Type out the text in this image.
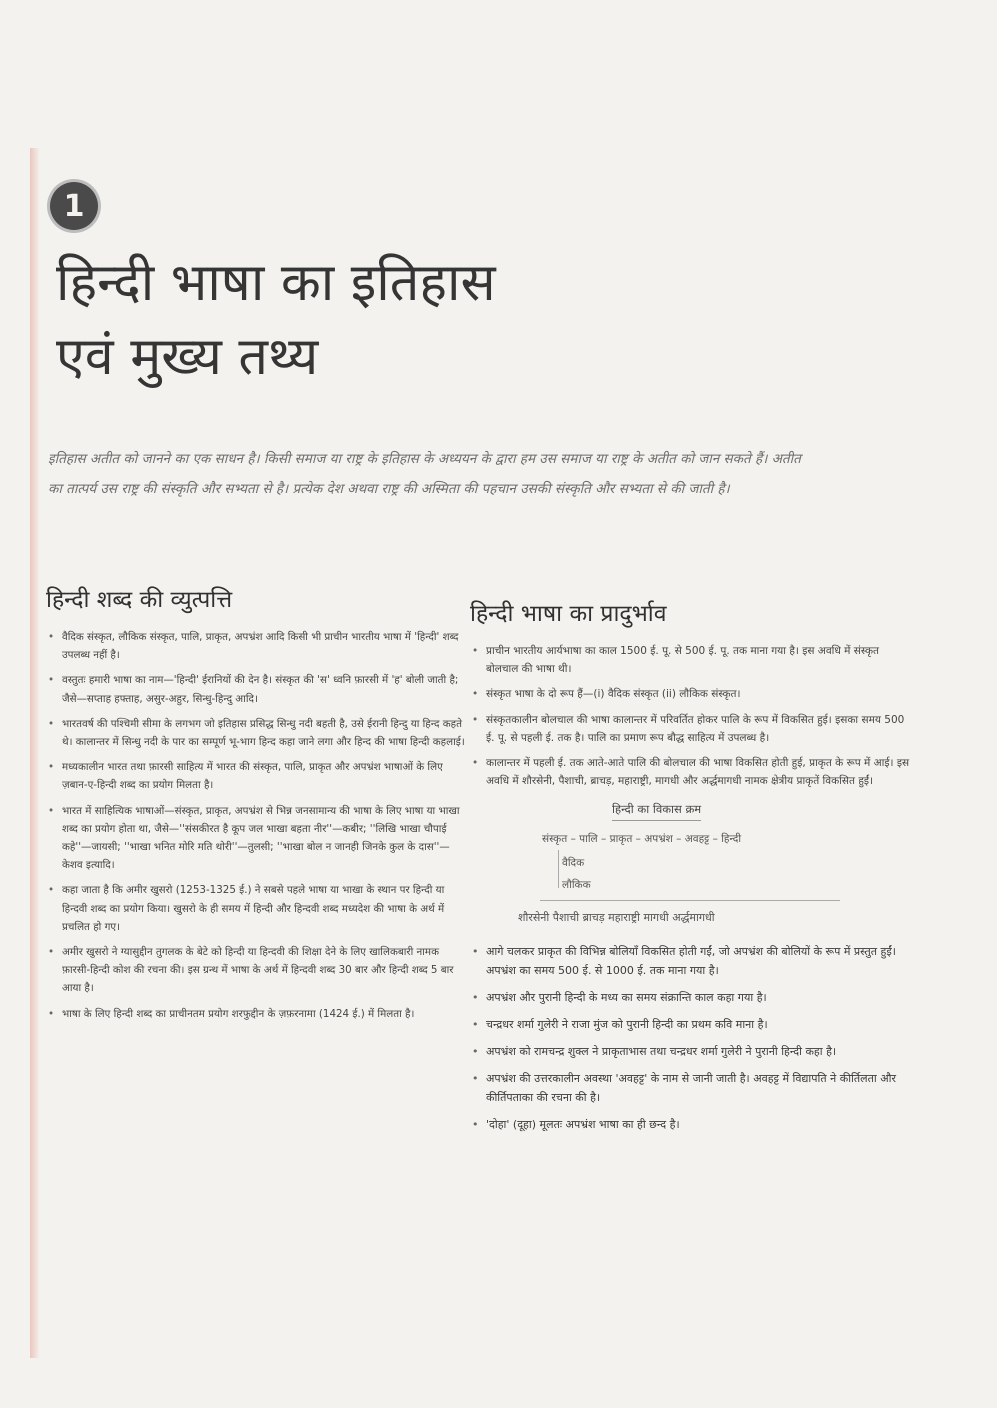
1
हिन्दी भाषा का इतिहास
एवं मुख्य तथ्य

इतिहास अतीत को जानने का एक साधन है। किसी समाज या राष्ट्र के इतिहास के अध्ययन के द्वारा हम उस समाज या राष्ट्र के अतीत को जान सकते हैं। अतीत का तात्पर्य उस राष्ट्र की संस्कृति और सभ्यता से है। प्रत्येक देश अथवा राष्ट्र की अस्मिता की पहचान उसकी संस्कृति और सभ्यता से की जाती है।

हिन्दी शब्द की व्युत्पत्ति
• वैदिक संस्कृत, लौकिक संस्कृत, पालि, प्राकृत, अपभ्रंश आदि किसी भी प्राचीन भारतीय भाषा में 'हिन्दी' शब्द उपलब्ध नहीं है।
• वस्तुतः हमारी भाषा का नाम—'हिन्दी' ईरानियों की देन है। संस्कृत की 'स' ध्वनि फ़ारसी में 'ह' बोली जाती है; जैसे—सप्ताह हफ्ताह, असुर-अहुर, सिन्धु-हिन्दु आदि।
• भारतवर्ष की पश्चिमी सीमा के लगभग जो इतिहास प्रसिद्ध सिन्धु नदी बहती है, उसे ईरानी हिन्दु या हिन्द कहते थे। कालान्तर में सिन्धु नदी के पार का सम्पूर्ण भू-भाग हिन्द कहा जाने लगा और हिन्द की भाषा हिन्दी कहलाई।
• मध्यकालीन भारत तथा फ़ारसी साहित्य में भारत की संस्कृत, पालि, प्राकृत और अपभ्रंश भाषाओं के लिए ज़बान-ए-हिन्दी शब्द का प्रयोग मिलता है।
• भारत में साहित्यिक भाषाओं—संस्कृत, प्राकृत, अपभ्रंश से भिन्न जनसामान्य की भाषा के लिए भाषा या भाखा शब्द का प्रयोग होता था, जैसे—''संसकीरत है कूप जल भाखा बहता नीर''—कबीर; ''लिखि भाखा चौपाई कहे''—जायसी; ''भाखा भनित मोरि मति थोरी''—तुलसी; ''भाखा बोल न जानही जिनके कुल के दास''—केशव इत्यादि।
• कहा जाता है कि अमीर खुसरो (1253-1325 ई.) ने सबसे पहले भाषा या भाखा के स्थान पर हिन्दी या हिन्दवी शब्द का प्रयोग किया। खुसरो के ही समय में हिन्दी और हिन्दवी शब्द मध्यदेश की भाषा के अर्थ में प्रचलित हो गए।
• अमीर खुसरो ने ग्यासुद्दीन तुगलक के बेटे को हिन्दी या हिन्दवी की शिक्षा देने के लिए खालिकबारी नामक फ़ारसी-हिन्दी कोश की रचना की। इस ग्रन्थ में भाषा के अर्थ में हिन्दवी शब्द 30 बार और हिन्दी शब्द 5 बार आया है।
• भाषा के लिए हिन्दी शब्द का प्राचीनतम प्रयोग शरफुद्दीन के ज़फ़रनामा (1424 ई.) में मिलता है।
हिन्दी भाषा का प्रादुर्भाव
• प्राचीन भारतीय आर्यभाषा का काल 1500 ई. पू. से 500 ई. पू. तक माना गया है। इस अवधि में संस्कृत बोलचाल की भाषा थी।
• संस्कृत भाषा के दो रूप हैं—(i) वैदिक संस्कृत (ii) लौकिक संस्कृत।
• संस्कृतकालीन बोलचाल की भाषा कालान्तर में परिवर्तित होकर पालि के रूप में विकसित हुई। इसका समय 500 ई. पू. से पहली ई. तक है। पालि का प्रमाण रूप बौद्ध साहित्य में उपलब्ध है।
• कालान्तर में पहली ई. तक आते-आते पालि की बोलचाल की भाषा विकसित होती हुई, प्राकृत के रूप में आई। इस अवधि में शौरसेनी, पैशाची, ब्राचड़, महाराष्ट्री, मागधी और अर्द्धमागधी नामक क्षेत्रीय प्राकृतें विकसित हुईं।
हिन्दी का विकास क्रम
संस्कृत – पालि – प्राकृत – अपभ्रंश – अवहट्ट – हिन्दी
वैदिक
लौकिक
शौरसेनी पैशाची ब्राचड़ महाराष्ट्री मागधी अर्द्धमागधी
• आगे चलकर प्राकृत की विभिन्न बोलियाँ विकसित होती गईं, जो अपभ्रंश की बोलियों के रूप में प्रस्तुत हुईं। अपभ्रंश का समय 500 ई. से 1000 ई. तक माना गया है।
• अपभ्रंश और पुरानी हिन्दी के मध्य का समय संक्रान्ति काल कहा गया है।
• चन्द्रधर शर्मा गुलेरी ने राजा मुंज को पुरानी हिन्दी का प्रथम कवि माना है।
• अपभ्रंश को रामचन्द्र शुक्ल ने प्राकृताभास तथा चन्द्रधर शर्मा गुलेरी ने पुरानी हिन्दी कहा है।
• अपभ्रंश की उत्तरकालीन अवस्था 'अवहट्ट' के नाम से जानी जाती है। अवहट्ट में विद्यापति ने कीर्तिलता और कीर्तिपताका की रचना की है।
• 'दोहा' (दूहा) मूलतः अपभ्रंश भाषा का ही छन्द है।
